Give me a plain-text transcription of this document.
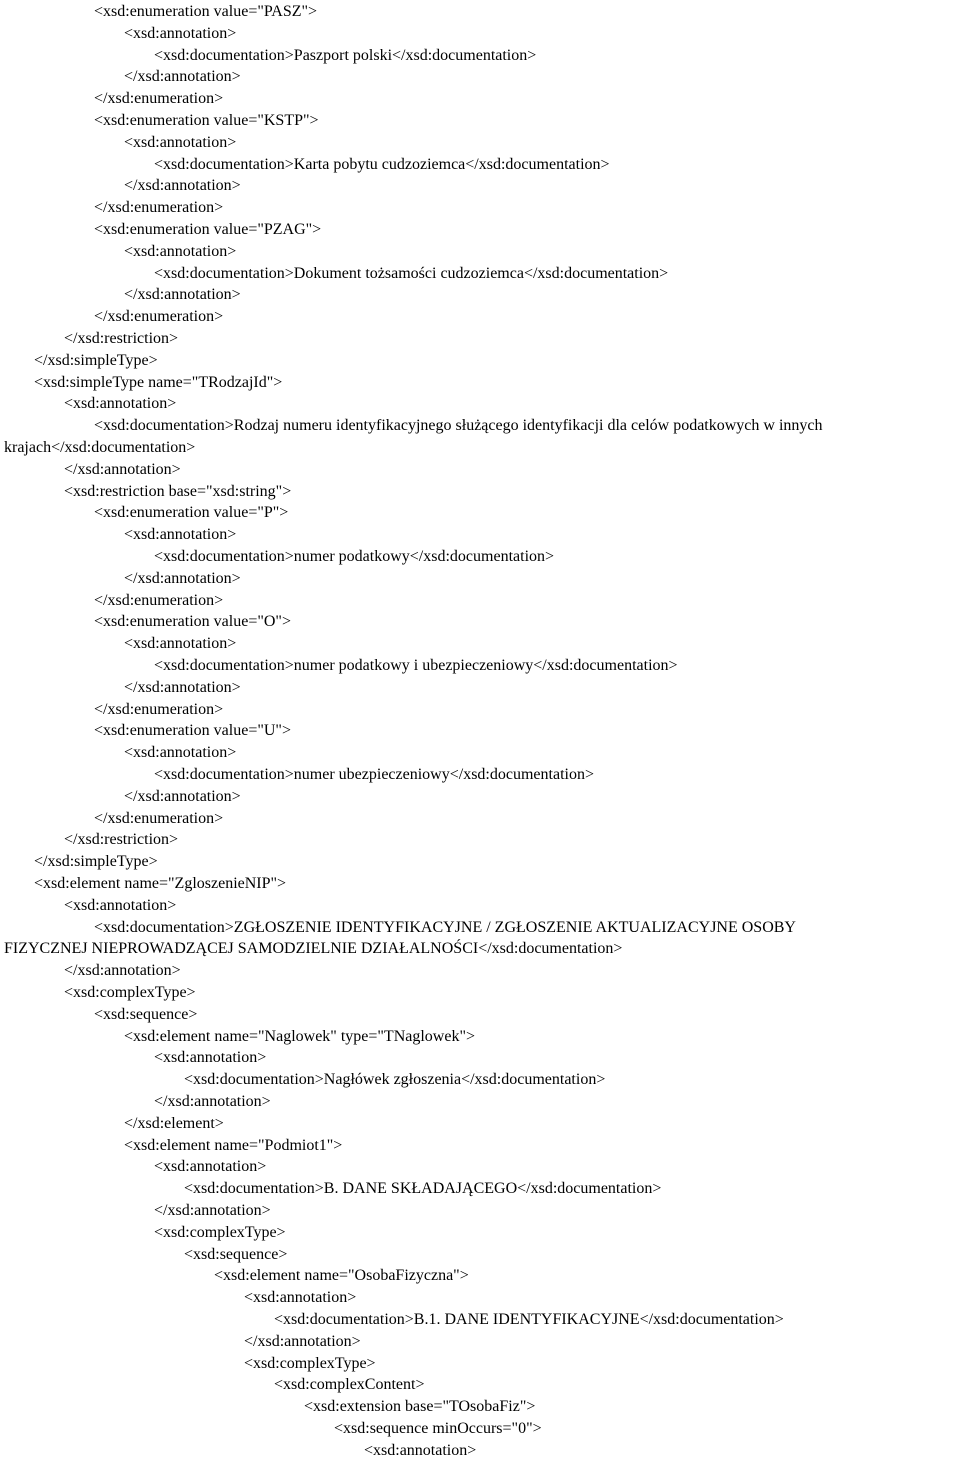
<xsd:enumeration value="PASZ">
<xsd:annotation>
<xsd:documentation>Paszport polski</xsd:documentation>
</xsd:annotation>
</xsd:enumeration>
<xsd:enumeration value="KSTP">
<xsd:annotation>
<xsd:documentation>Karta pobytu cudzoziemca</xsd:documentation>
</xsd:annotation>
</xsd:enumeration>
<xsd:enumeration value="PZAG">
<xsd:annotation>
<xsd:documentation>Dokument tożsamości cudzoziemca</xsd:documentation>
</xsd:annotation>
</xsd:enumeration>
</xsd:restriction>
</xsd:simpleType>
<xsd:simpleType name="TRodzajId">
<xsd:annotation>
<xsd:documentation>Rodzaj numeru identyfikacyjnego służącego identyfikacji dla celów podatkowych w innych
krajach</xsd:documentation>
</xsd:annotation>
<xsd:restriction base="xsd:string">
<xsd:enumeration value="P">
<xsd:annotation>
<xsd:documentation>numer podatkowy</xsd:documentation>
</xsd:annotation>
</xsd:enumeration>
<xsd:enumeration value="O">
<xsd:annotation>
<xsd:documentation>numer podatkowy i ubezpieczeniowy</xsd:documentation>
</xsd:annotation>
</xsd:enumeration>
<xsd:enumeration value="U">
<xsd:annotation>
<xsd:documentation>numer ubezpieczeniowy</xsd:documentation>
</xsd:annotation>
</xsd:enumeration>
</xsd:restriction>
</xsd:simpleType>
<xsd:element name="ZgloszenieNIP">
<xsd:annotation>
<xsd:documentation>ZGŁOSZENIE IDENTYFIKACYJNE / ZGŁOSZENIE AKTUALIZACYJNE OSOBY
FIZYCZNEJ NIEPROWADZĄCEJ SAMODZIELNIE DZIAŁALNOŚCI</xsd:documentation>
</xsd:annotation>
<xsd:complexType>
<xsd:sequence>
<xsd:element name="Naglowek" type="TNaglowek">
<xsd:annotation>
<xsd:documentation>Nagłówek zgłoszenia</xsd:documentation>
</xsd:annotation>
</xsd:element>
<xsd:element name="Podmiot1">
<xsd:annotation>
<xsd:documentation>B. DANE SKŁADAJĄCEGO</xsd:documentation>
</xsd:annotation>
<xsd:complexType>
<xsd:sequence>
<xsd:element name="OsobaFizyczna">
<xsd:annotation>
<xsd:documentation>B.1. DANE IDENTYFIKACYJNE</xsd:documentation>
</xsd:annotation>
<xsd:complexType>
<xsd:complexContent>
<xsd:extension base="TOsobaFiz">
<xsd:sequence minOccurs="0">
<xsd:annotation>
